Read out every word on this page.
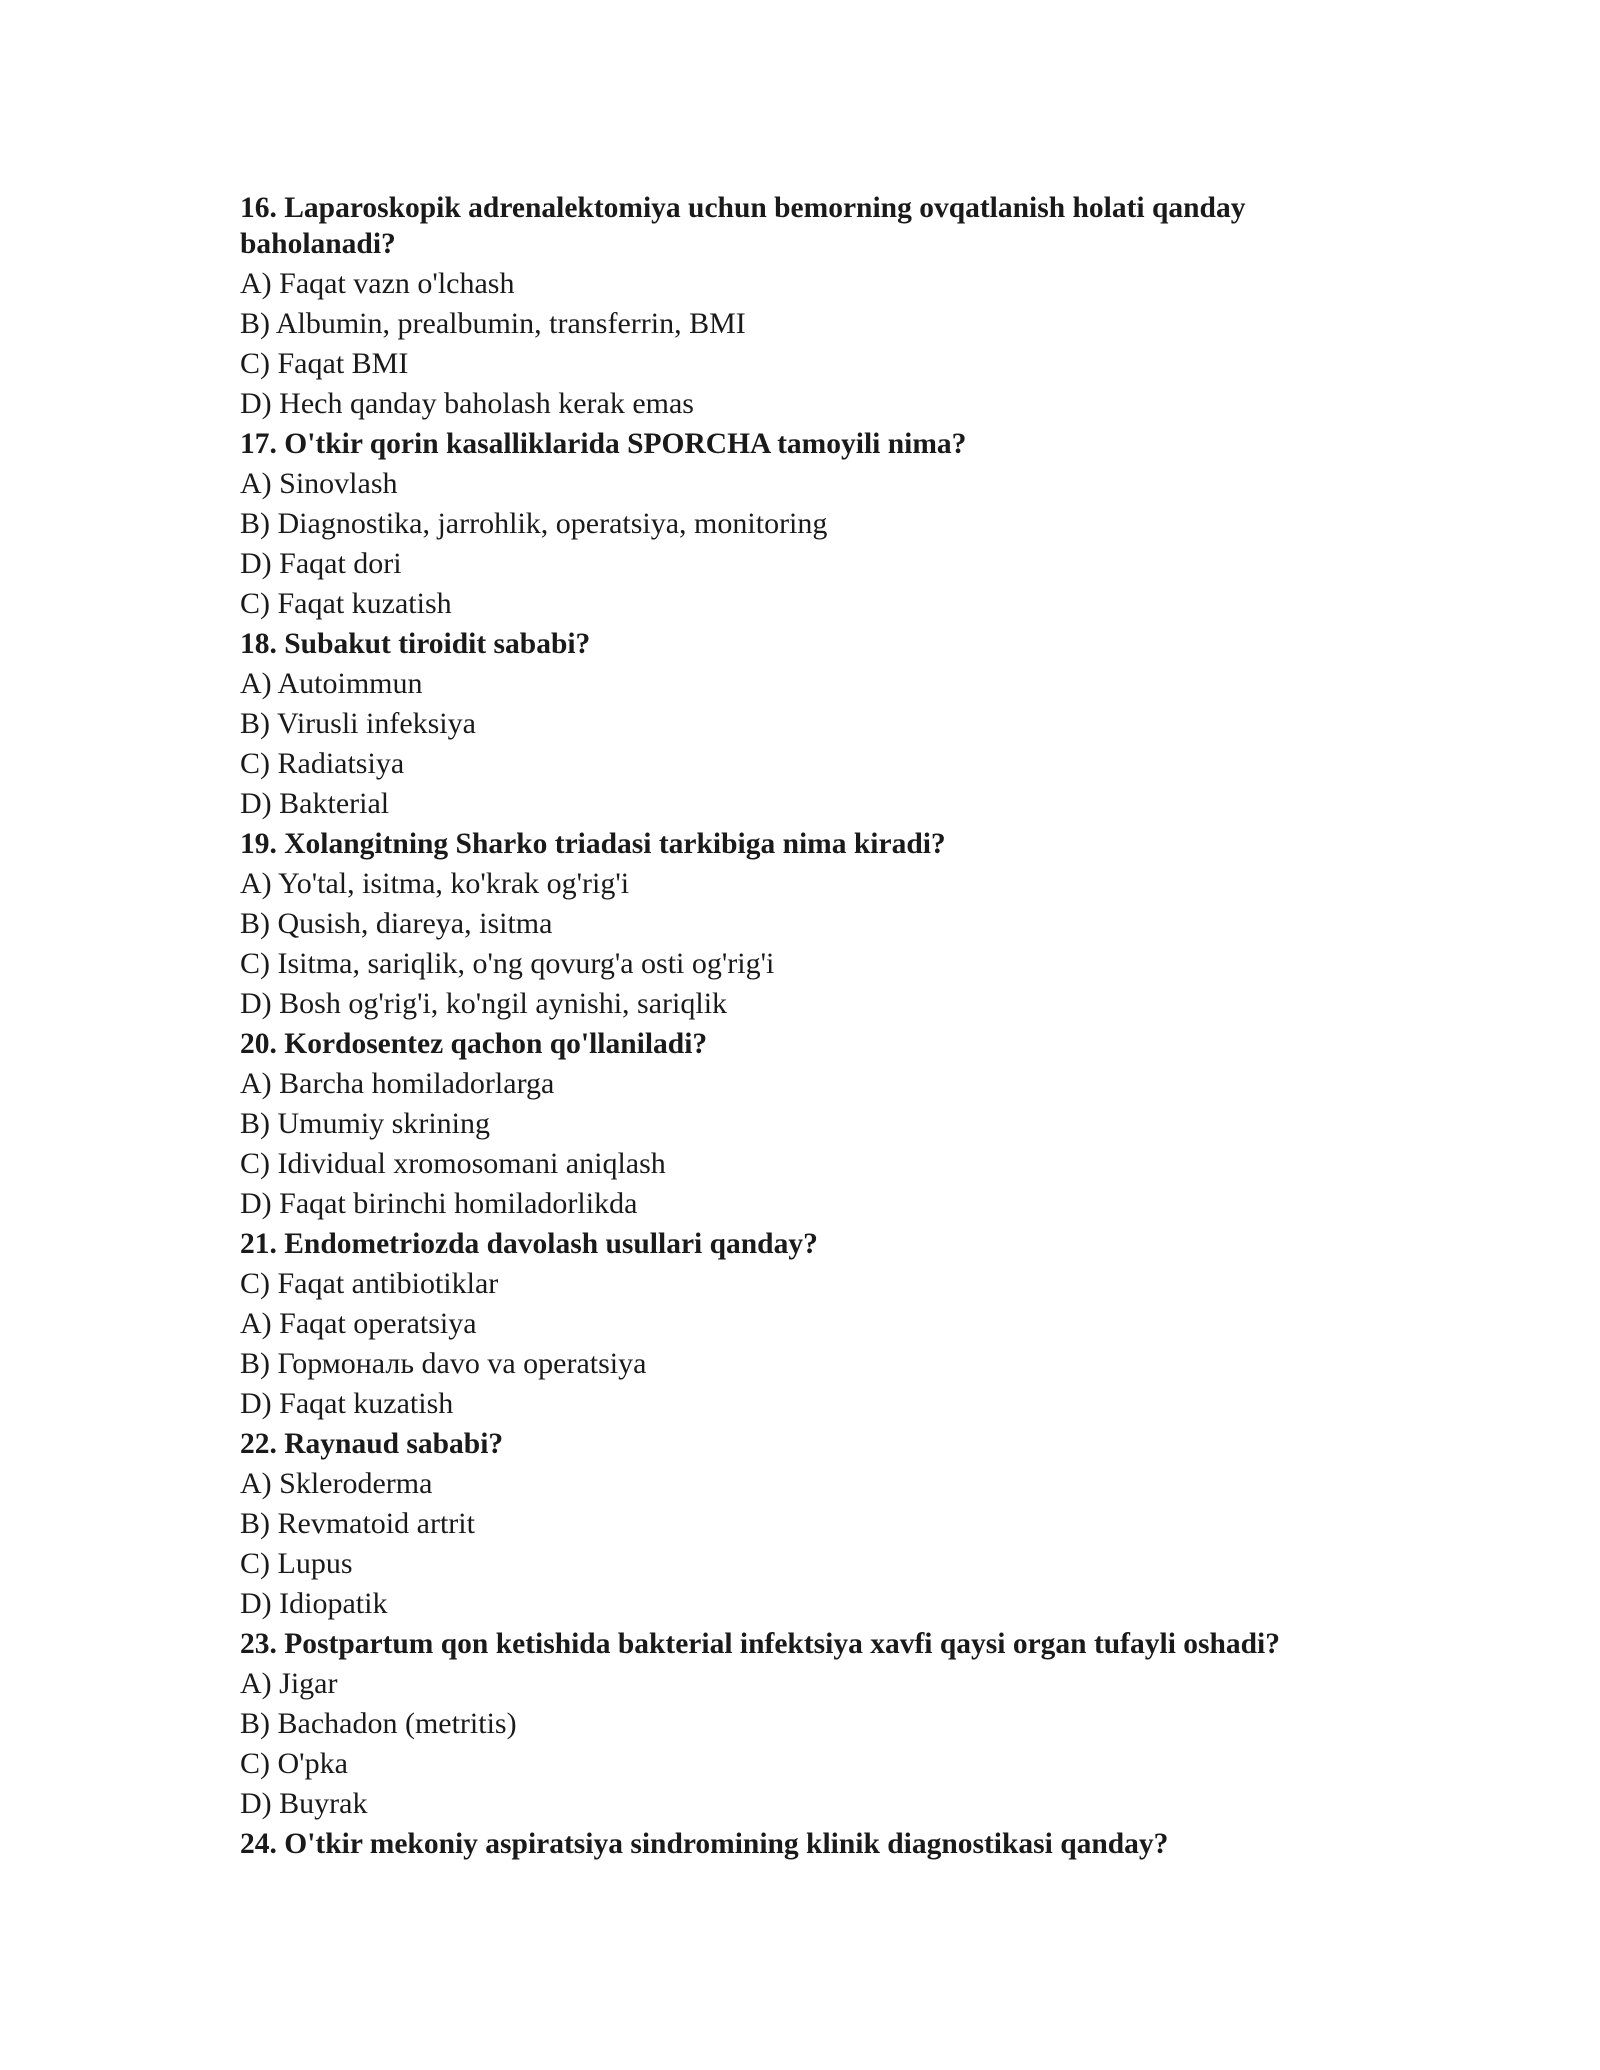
16. Laparoskopik adrenalektomiya uchun bemorning ovqatlanish holati qanday baholanadi?

A) Faqat vazn o'lchash

B) Albumin, prealbumin, transferrin, BMI

C) Faqat BMI

D) Hech qanday baholash kerak emas

17. O'tkir qorin kasalliklarida SPORCHA tamoyili nima?

A) Sinovlash

B) Diagnostika, jarrohlik, operatsiya, monitoring

D) Faqat dori

C) Faqat kuzatish

18. Subakut tiroidit sababi?

A) Autoimmun

B) Virusli infeksiya

C) Radiatsiya

D) Bakterial

19. Xolangitning Sharko triadasi tarkibiga nima kiradi?

A) Yo'tal, isitma, ko'krak og'rig'i

B) Qusish, diareya, isitma

C) Isitma, sariqlik, o'ng qovurg'a osti og'rig'i

D) Bosh og'rig'i, ko'ngil aynishi, sariqlik

20. Kordosentez qachon qo'llaniladi?

A) Barcha homiladorlarga

B) Umumiy skrining

C) Idividual xromosomani aniqlash

D) Faqat birinchi homiladorlikda

21. Endometriozda davolash usullari qanday?

C) Faqat antibiotiklar

A) Faqat operatsiya

B) Гормональ davo va operatsiya

D) Faqat kuzatish

22. Raynaud sababi?

A) Skleroderma

B) Revmatoid artrit

C) Lupus

D) Idiopatik

23. Postpartum qon ketishida bakterial infektsiya xavfi qaysi organ tufayli oshadi?

A) Jigar

B) Bachadon (metritis)

C) O'pka

D) Buyrak

24. O'tkir mekoniy aspiratsiya sindromining klinik diagnostikasi qanday?
